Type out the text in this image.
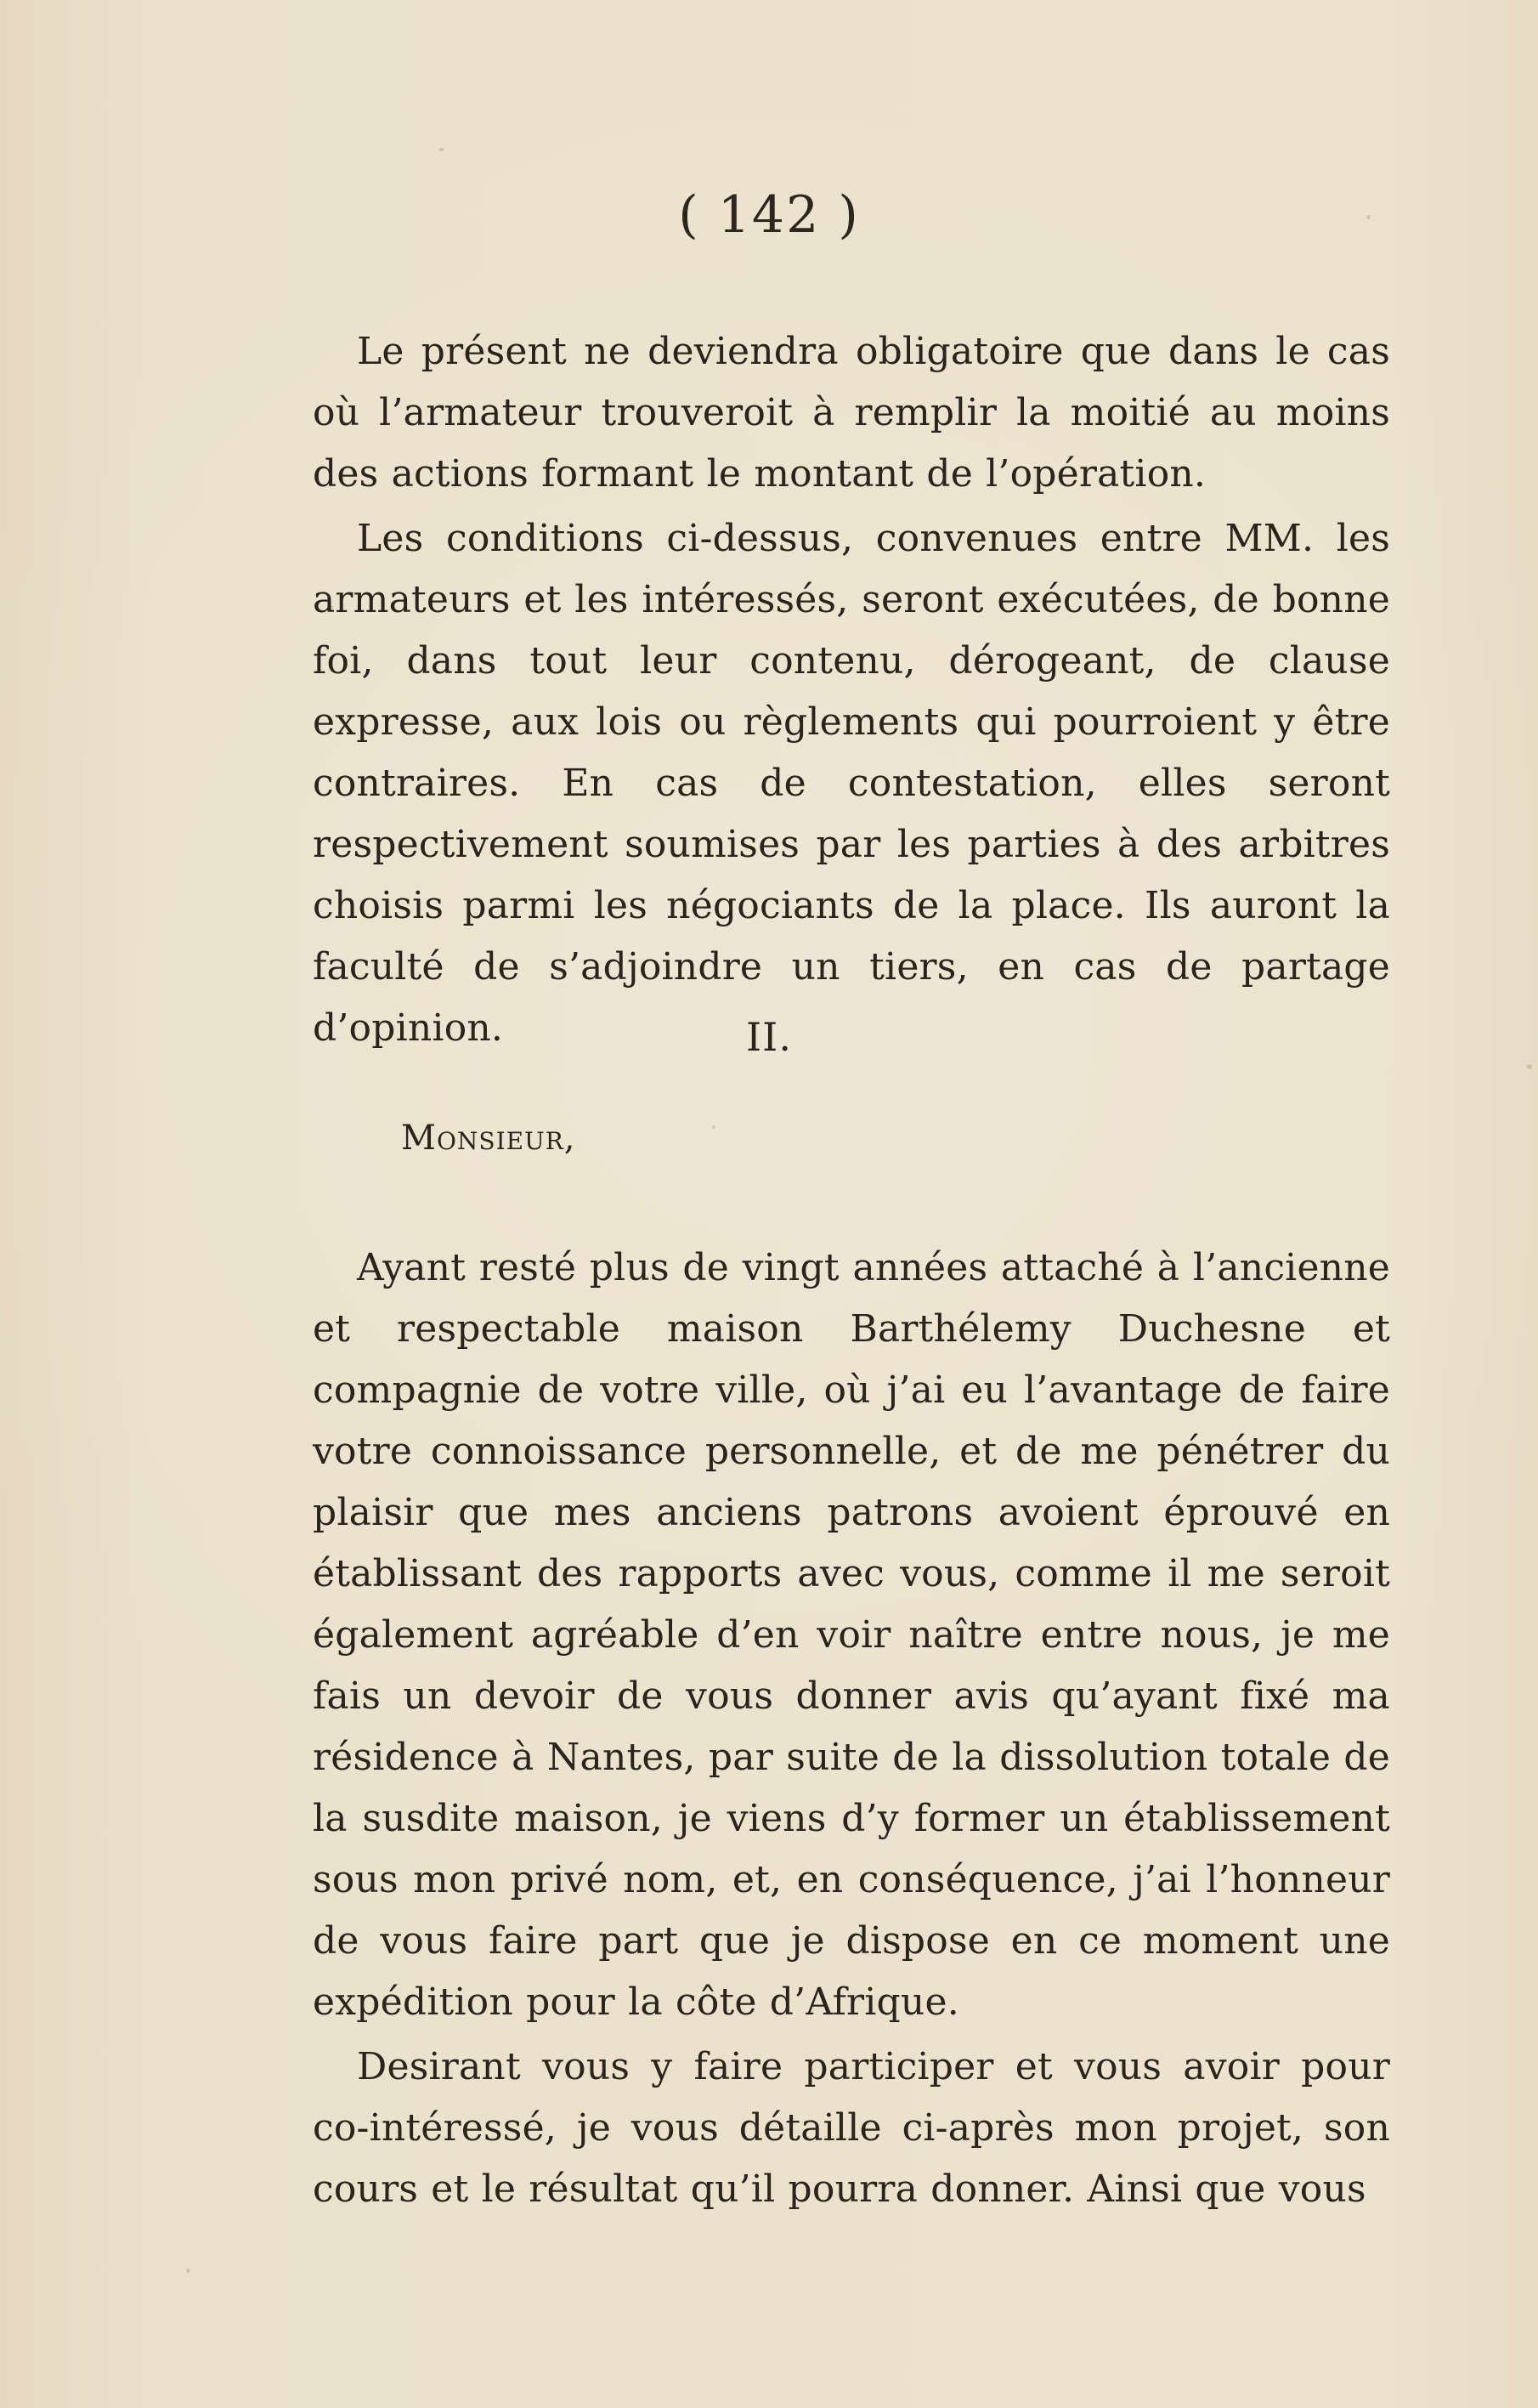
( 142 )

Le présent ne deviendra obligatoire que dans le cas où l’armateur trouveroit à remplir la moitié au moins des actions formant le montant de l’opération.

Les conditions ci-dessus, convenues entre MM. les armateurs et les intéressés, seront exécutées, de bonne foi, dans tout leur contenu, dérogeant, de clause expresse, aux lois ou règlements qui pourroient y être contraires. En cas de contestation, elles seront respectivement soumises par les parties à des arbitres choisis parmi les négociants de la place. Ils auront la faculté de s’adjoindre un tiers, en cas de partage d’opinion.	II.
Monsieur,

Ayant resté plus de vingt années attaché à l’ancienne et respectable maison Barthélemy Duchesne et compagnie de votre ville, où j’ai eu l’avantage de faire votre connoissance personnelle, et de me pénétrer du plaisir que mes anciens patrons avoient éprouvé en établissant des rapports avec vous, comme il me seroit également agréable d’en voir naître entre nous, je me fais un devoir de vous donner avis qu’ayant fixé ma résidence à Nantes, par suite de la dissolution totale de la susdite maison, je viens d’y former un établissement sous mon privé nom, et, en conséquence, j’ai l’honneur de vous faire part que je dispose en ce moment une expédition pour la côte d’Afrique.

Desirant vous y faire participer et vous avoir pour co-intéressé, je vous détaille ci-après mon projet, son cours et le résultat qu’il pourra donner. Ainsi que vous
